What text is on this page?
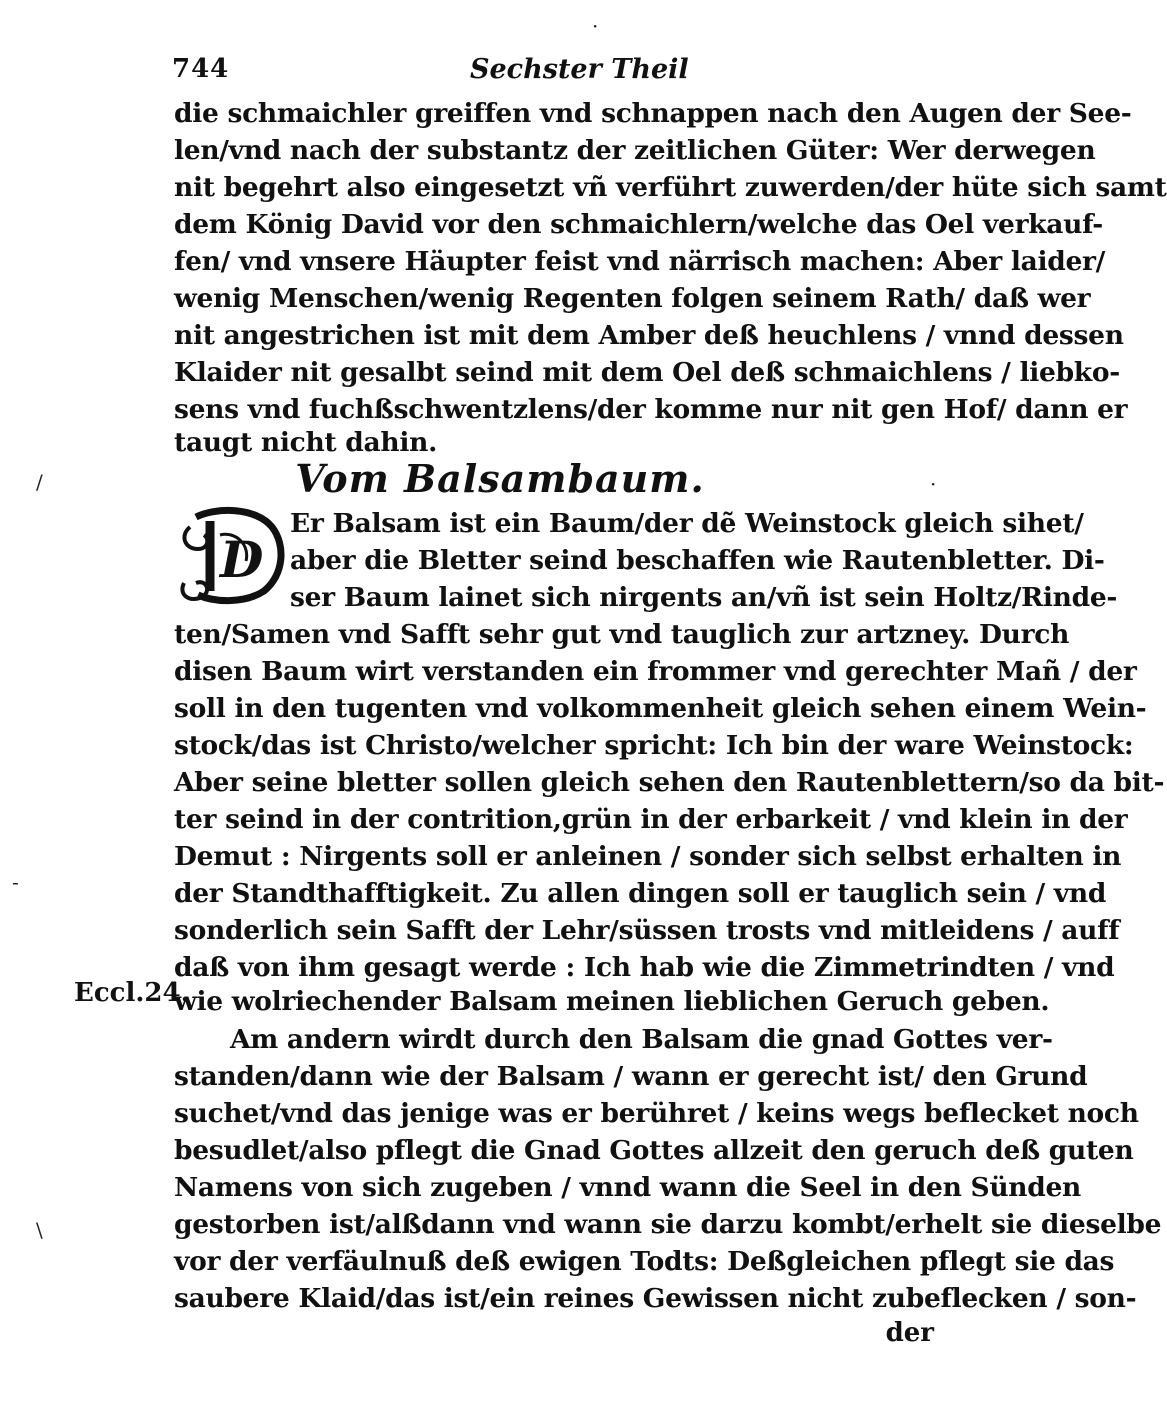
744	Sechster Theil
die schmaichler greiffen vnd schnappen nach den Augen der See-
len/vnd nach der substantz der zeitlichen Güter: Wer derwegen
nit begehrt also eingesetzt vñ verführt zuwerden/der hüte sich samt
dem König David vor den schmaichlern/welche das Oel verkauf-
fen/ vnd vnsere Häupter feist vnd närrisch machen: Aber laider/
wenig Menschen/wenig Regenten folgen seinem Rath/ daß wer
nit angestrichen ist mit dem Amber deß heuchlens / vnnd dessen
Klaider nit gesalbt seind mit dem Oel deß schmaichlens / liebko-
sens vnd fuchßschwentzlens/der komme nur nit gen Hof/ dann er
taugt nicht dahin.
Vom Balsambaum.
D
Er Balsam ist ein Baum/der dẽ Weinstock gleich sihet/
aber die Bletter seind beschaffen wie Rautenbletter. Di-
ser Baum lainet sich nirgents an/vñ ist sein Holtz/Rinde-
ten/Samen vnd Safft sehr gut vnd tauglich zur artzney. Durch
disen Baum wirt verstanden ein frommer vnd gerechter Mañ / der
soll in den tugenten vnd volkommenheit gleich sehen einem Wein-
stock/das ist Christo/welcher spricht: Ich bin der ware Weinstock:
Aber seine bletter sollen gleich sehen den Rautenblettern/so da bit-
ter seind in der contrition,grün in der erbarkeit / vnd klein in der
Demut : Nirgents soll er anleinen / sonder sich selbst erhalten in
der Standthafftigkeit. Zu allen dingen soll er tauglich sein / vnd
sonderlich sein Safft der Lehr/süssen trosts vnd mitleidens / auff
daß von ihm gesagt werde : Ich hab wie die Zimmetrindten / vnd
wie wolriechender Balsam meinen lieblichen Geruch geben.
Eccl.24.
Am andern wirdt durch den Balsam die gnad Gottes ver-
standen/dann wie der Balsam / wann er gerecht ist/ den Grund
suchet/vnd das jenige was er berühret / keins wegs beflecket noch
besudlet/also pflegt die Gnad Gottes allzeit den geruch deß guten
Namens von sich zugeben / vnnd wann die Seel in den Sünden
gestorben ist/alßdann vnd wann sie darzu kombt/erhelt sie dieselbe
vor der verfäulnuß deß ewigen Todts: Deßgleichen pflegt sie das
saubere Klaid/das ist/ein reines Gewissen nicht zubeflecken / son-
der
·
/	·
-
\
